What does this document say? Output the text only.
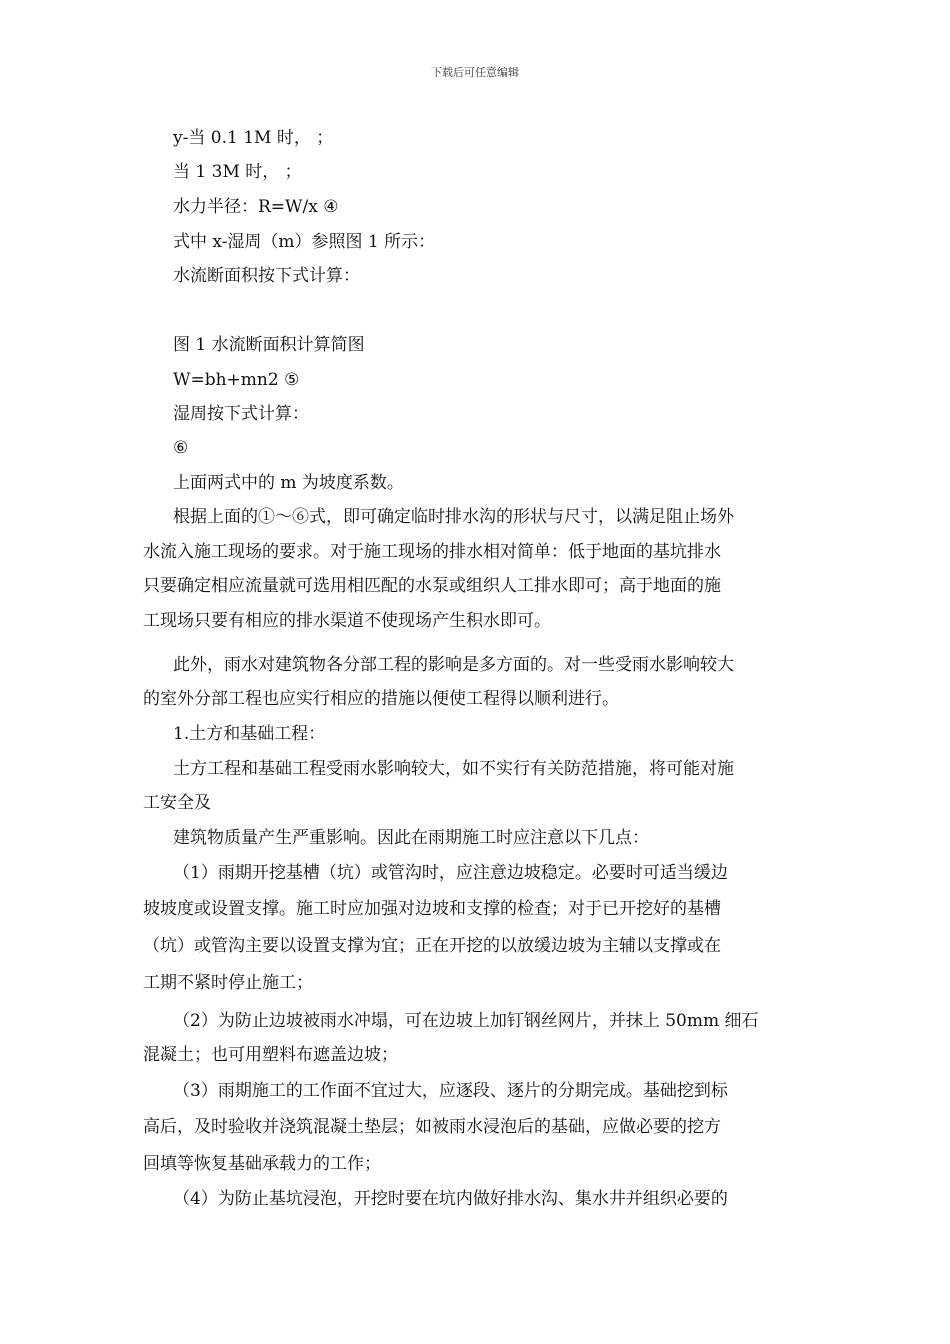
下载后可任意编辑
y-当 0.1 1M 时， ；
当 1 3M 时， ；
水力半径：R=W/x ④
式中 x-湿周（m）参照图 1 所示：
水流断面积按下式计算：
图 1 水流断面积计算简图
W=bh+mn2 ⑤
湿周按下式计算：
⑥
上面两式中的 m 为坡度系数。
根据上面的①～⑥式，即可确定临时排水沟的形状与尺寸，以满足阻止场外
水流入施工现场的要求。对于施工现场的排水相对简单：低于地面的基坑排水
只要确定相应流量就可选用相匹配的水泵或组织人工排水即可；高于地面的施
工现场只要有相应的排水渠道不使现场产生积水即可。
此外，雨水对建筑物各分部工程的影响是多方面的。对一些受雨水影响较大
的室外分部工程也应实行相应的措施以便使工程得以顺利进行。
1.土方和基础工程：
土方工程和基础工程受雨水影响较大，如不实行有关防范措施，将可能对施
工安全及
建筑物质量产生严重影响。因此在雨期施工时应注意以下几点：
（1）雨期开挖基槽（坑）或管沟时，应注意边坡稳定。必要时可适当缓边
坡坡度或设置支撑。施工时应加强对边坡和支撑的检查；对于已开挖好的基槽
（坑）或管沟主要以设置支撑为宜；正在开挖的以放缓边坡为主辅以支撑或在
工期不紧时停止施工；
（2）为防止边坡被雨水冲塌，可在边坡上加钉钢丝网片，并抹上 50mm 细石
混凝土；也可用塑料布遮盖边坡；
（3）雨期施工的工作面不宜过大，应逐段、逐片的分期完成。基础挖到标
高后，及时验收并浇筑混凝土垫层；如被雨水浸泡后的基础，应做必要的挖方
回填等恢复基础承载力的工作；
（4）为防止基坑浸泡，开挖时要在坑内做好排水沟、集水井并组织必要的
